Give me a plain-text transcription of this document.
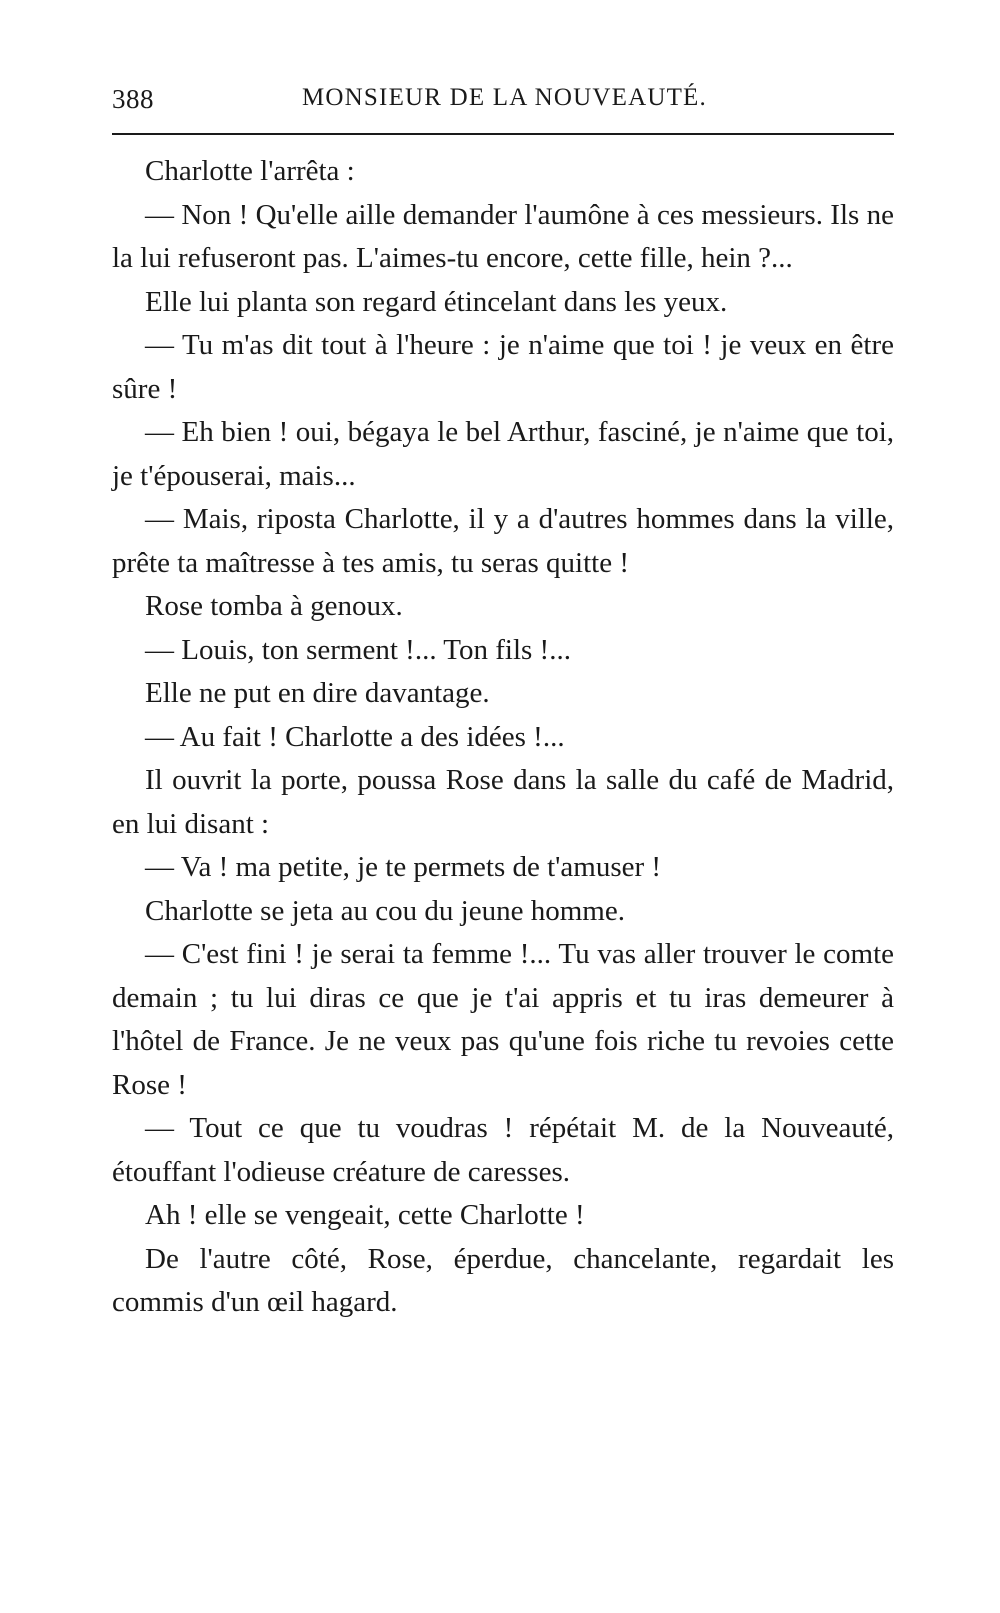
388	MONSIEUR DE LA NOUVEAUTÉ.

Charlotte l'arrêta :

— Non ! Qu'elle aille demander l'aumône à ces messieurs. Ils ne la lui refuseront pas. L'aimes-tu encore, cette fille, hein ?...

Elle lui planta son regard étincelant dans les yeux.

— Tu m'as dit tout à l'heure : je n'aime que toi ! je veux en être sûre !

— Eh bien ! oui, bégaya le bel Arthur, fasciné, je n'aime que toi, je t'épouserai, mais...

— Mais, riposta Charlotte, il y a d'autres hommes dans la ville, prête ta maîtresse à tes amis, tu seras quitte !

Rose tomba à genoux.

— Louis, ton serment !... Ton fils !...

Elle ne put en dire davantage.

— Au fait ! Charlotte a des idées !...

Il ouvrit la porte, poussa Rose dans la salle du café de Madrid, en lui disant :

— Va ! ma petite, je te permets de t'amuser !

Charlotte se jeta au cou du jeune homme.

— C'est fini ! je serai ta femme !... Tu vas aller trouver le comte demain ; tu lui diras ce que je t'ai appris et tu iras demeurer à l'hôtel de France. Je ne veux pas qu'une fois riche tu revoies cette Rose !

— Tout ce que tu voudras ! répétait M. de la Nouveauté, étouffant l'odieuse créature de caresses.

Ah ! elle se vengeait, cette Charlotte !

De l'autre côté, Rose, éperdue, chancelante, regardait les commis d'un œil hagard.
